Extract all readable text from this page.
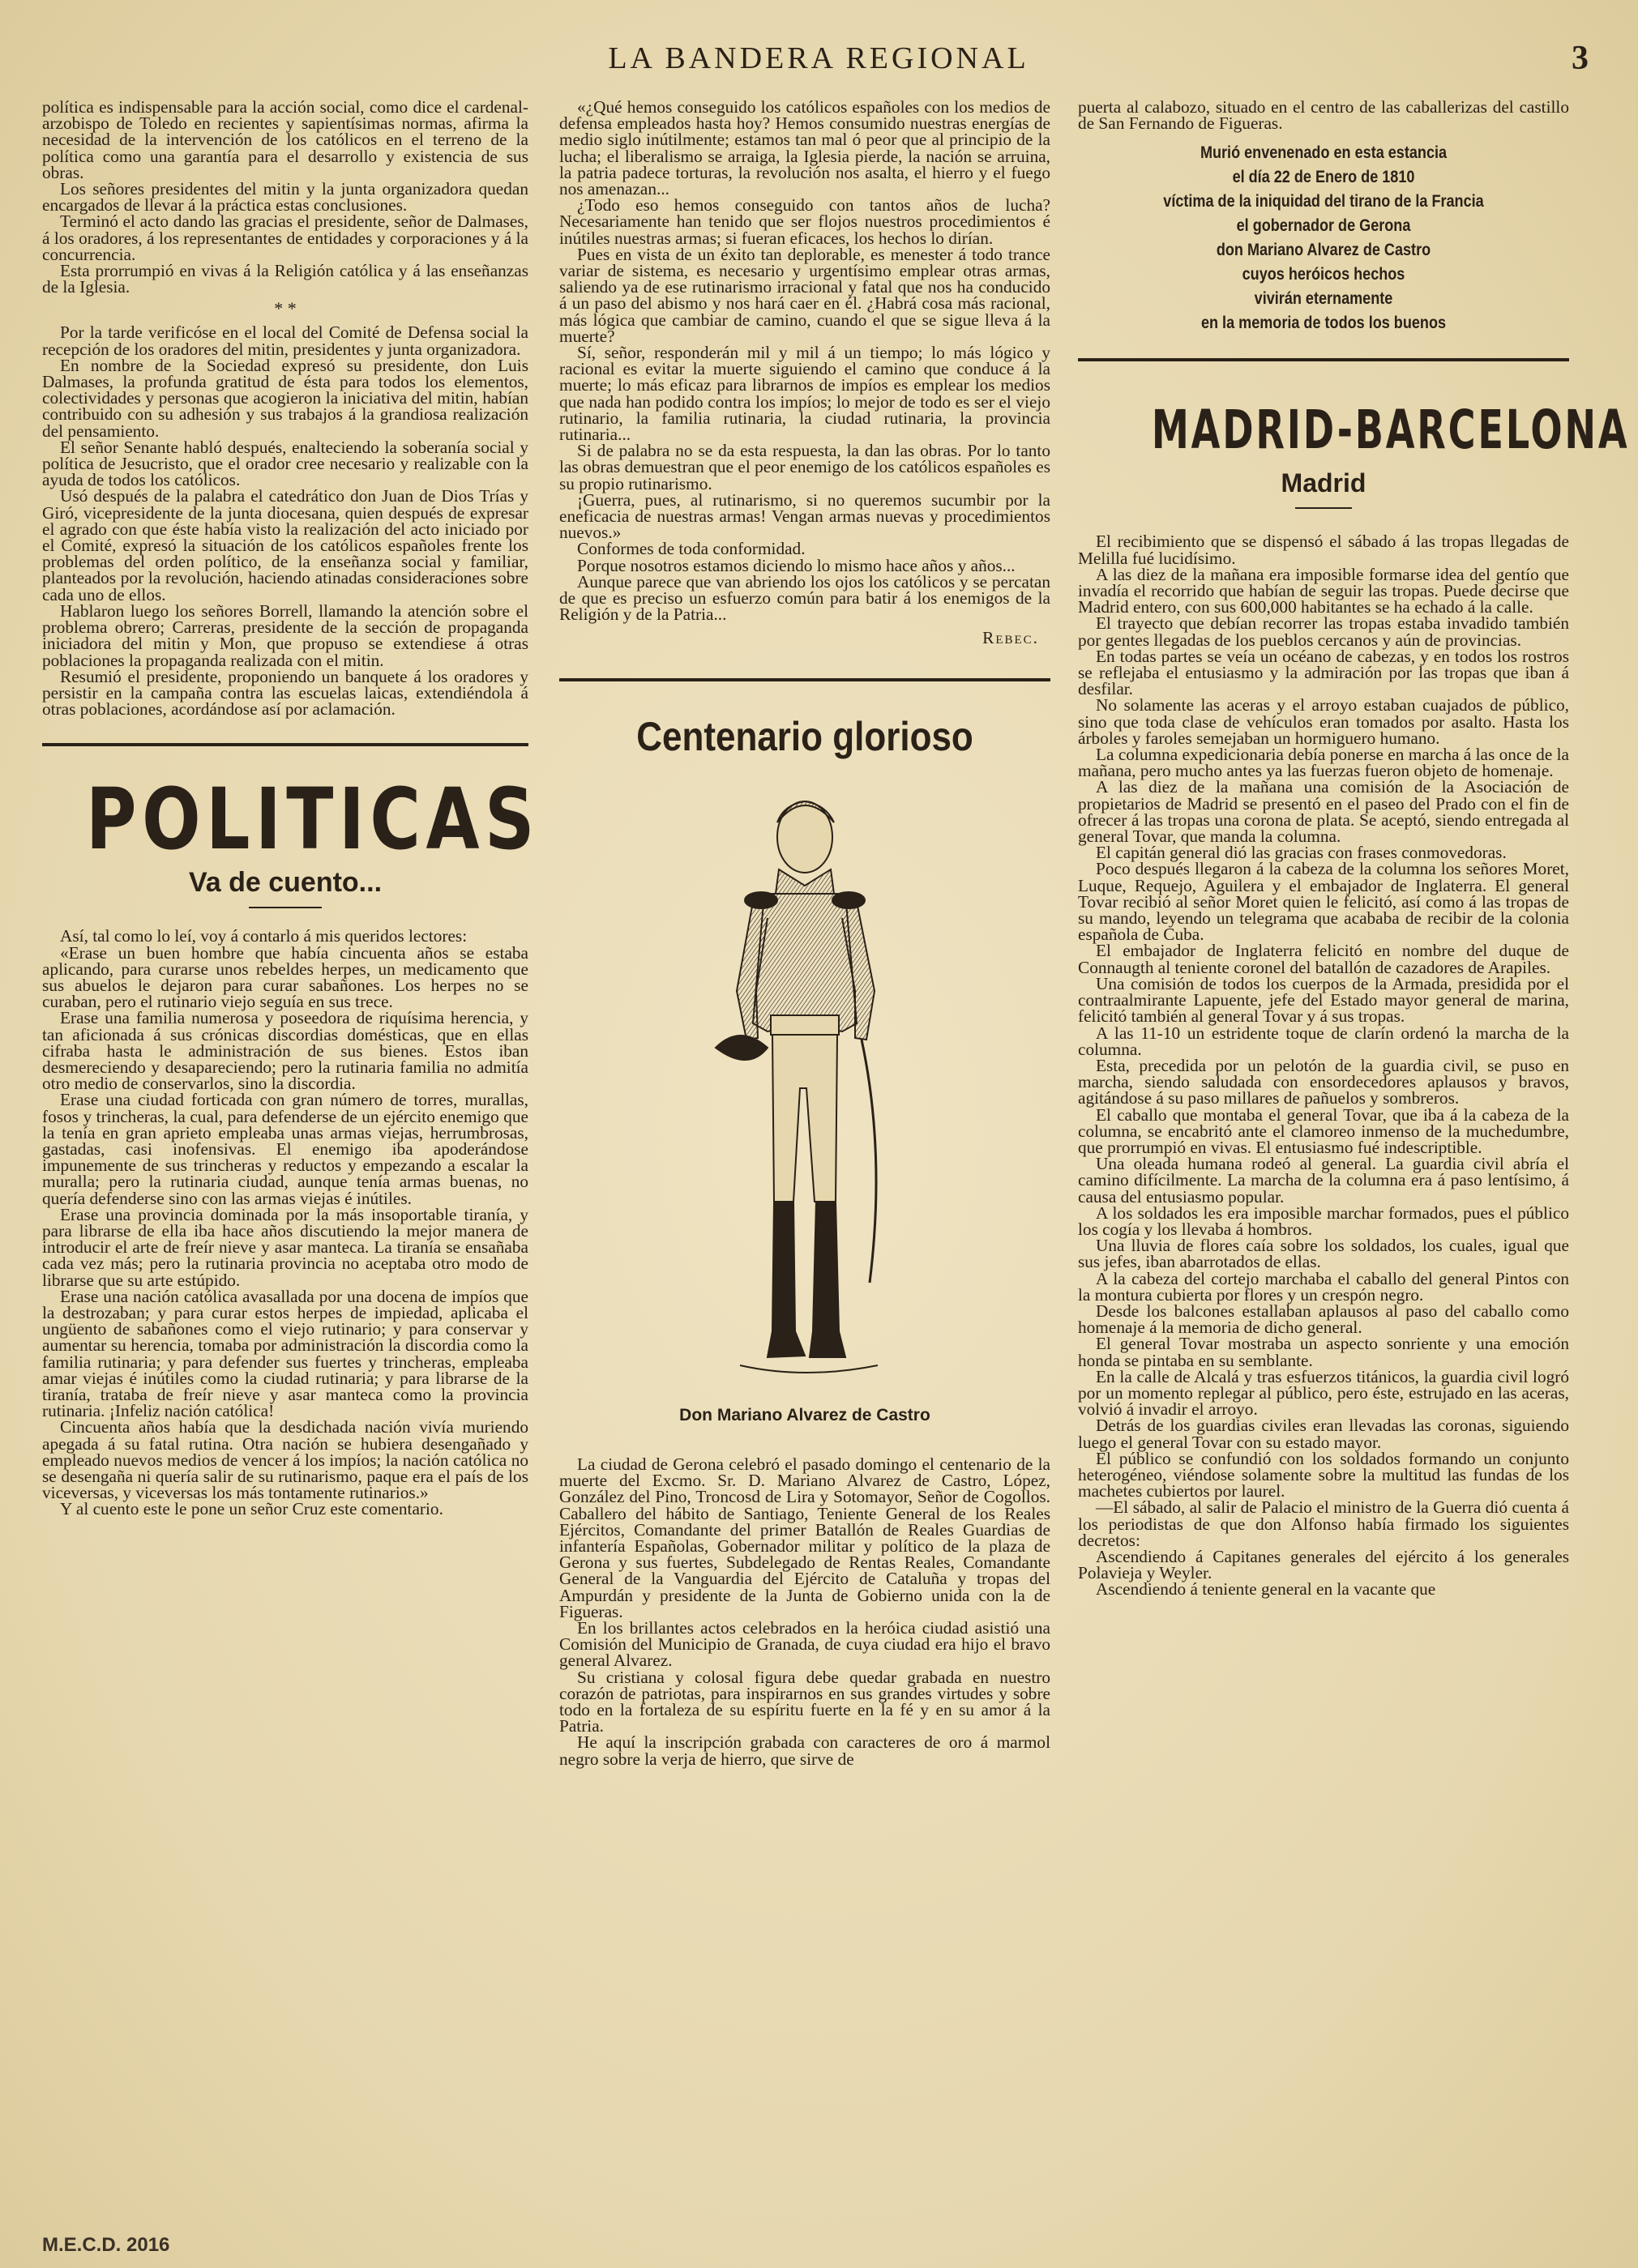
LA BANDERA REGIONAL	3

política es indispensable para la acción social, como dice el cardenal-arzobispo de Toledo en recientes y sapientísimas normas, afirma la necesidad de la intervención de los católicos en el terreno de la política como una garantía para el desarrollo y existencia de sus obras.

Los señores presidentes del mitin y la junta organizadora quedan encargados de llevar á la práctica estas conclusiones.

Terminó el acto dando las gracias el presidente, señor de Dalmases, á los oradores, á los representantes de entidades y corporaciones y á la concurrencia.

Esta prorrumpió en vivas á la Religión católica y á las enseñanzas de la Iglesia.

* *

Por la tarde verificóse en el local del Comité de Defensa social la recepción de los oradores del mitin, presidentes y junta organizadora.

En nombre de la Sociedad expresó su presidente, don Luis Dalmases, la profunda gratitud de ésta para todos los elementos, colectividades y personas que acogieron la iniciativa del mitin, habían contribuido con su adhesión y sus trabajos á la grandiosa realización del pensamiento.

El señor Senante habló después, enalteciendo la soberanía social y política de Jesucristo, que el orador cree necesario y realizable con la ayuda de todos los católicos.

Usó después de la palabra el catedrático don Juan de Dios Trías y Giró, vicepresidente de la junta diocesana, quien después de expresar el agrado con que éste había visto la realización del acto iniciado por el Comité, expresó la situación de los católicos españoles frente los problemas del orden político, de la enseñanza social y familiar, planteados por la revolución, haciendo atinadas consideraciones sobre cada uno de ellos.

Hablaron luego los señores Borrell, llamando la atención sobre el problema obrero; Carreras, presidente de la sección de propaganda iniciadora del mitin y Mon, que propuso se extendiese á otras poblaciones la propaganda realizada con el mitin.

Resumió el presidente, proponiendo un banquete á los oradores y persistir en la campaña contra las escuelas laicas, extendiéndola á otras poblaciones, acordándose así por aclamación.

POLITICAS
Va de cuento...

Así, tal como lo leí, voy á contarlo á mis queridos lectores:

«Erase un buen hombre que había cincuenta años se estaba aplicando, para curarse unos rebeldes herpes, un medicamento que sus abuelos le dejaron para curar sabañones. Los herpes no se curaban, pero el rutinario viejo seguía en sus trece.

Erase una familia numerosa y poseedora de riquísima herencia, y tan aficionada á sus crónicas discordias domésticas, que en ellas cifraba hasta le administración de sus bienes. Estos iban desmereciendo y desapareciendo; pero la rutinaria familia no admitía otro medio de conservarlos, sino la discordia.

Erase una ciudad forticada con gran número de torres, murallas, fosos y trincheras, la cual, para defenderse de un ejército enemigo que la tenía en gran aprieto empleaba unas armas viejas, herrumbrosas, gastadas, casi inofensivas. El enemigo iba apoderándose impunemente de sus trincheras y reductos y empezando a escalar la muralla; pero la rutinaria ciudad, aunque tenía armas buenas, no quería defenderse sino con las armas viejas é inútiles.

Erase una provincia dominada por la más insoportable tiranía, y para librarse de ella iba hace años discutiendo la mejor manera de introducir el arte de freír nieve y asar manteca. La tiranía se ensañaba cada vez más; pero la rutinaria provincia no aceptaba otro modo de librarse que su arte estúpido.

Erase una nación católica avasallada por una docena de impíos que la destrozaban; y para curar estos herpes de impiedad, aplicaba el ungüento de sabañones como el viejo rutinario; y para conservar y aumentar su herencia, tomaba por administración la discordia como la familia rutinaria; y para defender sus fuertes y trincheras, empleaba amar viejas é inútiles como la ciudad rutinaria; y para librarse de la tiranía, trataba de freír nieve y asar manteca como la provincia rutinaria. ¡Infeliz nación católica!

Cincuenta años había que la desdichada nación vivía muriendo apegada á su fatal rutina. Otra nación se hubiera desengañado y empleado nuevos medios de vencer á los impíos; la nación católica no se desengaña ni quería salir de su rutinarismo, paque era el país de los viceversas, y viceversas los más tontamente rutinarios.»

Y al cuento este le pone un señor Cruz este comentario.

«¿Qué hemos conseguido los católicos españoles con los medios de defensa empleados hasta hoy? Hemos consumido nuestras energías de medio siglo inútilmente; estamos tan mal ó peor que al principio de la lucha; el liberalismo se arraiga, la Iglesia pierde, la nación se arruina, la patria padece torturas, la revolución nos asalta, el hierro y el fuego nos amenazan...

¿Todo eso hemos conseguido con tantos años de lucha? Necesariamente han tenido que ser flojos nuestros procedimientos é inútiles nuestras armas; si fueran eficaces, los hechos lo dirían.

Pues en vista de un éxito tan deplorable, es menester á todo trance variar de sistema, es necesario y urgentísimo emplear otras armas, saliendo ya de ese rutinarismo irracional y fatal que nos ha conducido á un paso del abismo y nos hará caer en él. ¿Habrá cosa más racional, más lógica que cambiar de camino, cuando el que se sigue lleva á la muerte?

Sí, señor, responderán mil y mil á un tiempo; lo más lógico y racional es evitar la muerte siguiendo el camino que conduce á la muerte; lo más eficaz para librarnos de impíos es emplear los medios que nada han podido contra los impíos; lo mejor de todo es ser el viejo rutinario, la familia rutinaria, la ciudad rutinaria, la provincia rutinaria...

Si de palabra no se da esta respuesta, la dan las obras. Por lo tanto las obras demuestran que el peor enemigo de los católicos españoles es su propio rutinarismo.

¡Guerra, pues, al rutinarismo, si no queremos sucumbir por la eneficacia de nuestras armas! Vengan armas nuevas y procedimientos nuevos.»

Conformes de toda conformidad.

Porque nosotros estamos diciendo lo mismo hace años y años...

Aunque parece que van abriendo los ojos los católicos y se percatan de que es preciso un esfuerzo común para batir á los enemigos de la Religión y de la Patria...

Rebec.
Centenario glorioso
Don Mariano Alvarez de Castro

La ciudad de Gerona celebró el pasado domingo el centenario de la muerte del Excmo. Sr. D. Mariano Alvarez de Castro, López, González del Pino, Troncosd de Lira y Sotomayor, Señor de Cogollos. Caballero del hábito de Santiago, Teniente General de los Reales Ejércitos, Comandante del primer Batallón de Reales Guardias de infantería Españolas, Gobernador militar y político de la plaza de Gerona y sus fuertes, Subdelegado de Rentas Reales, Comandante General de la Vanguardia del Ejército de Cataluña y tropas del Ampurdán y presidente de la Junta de Gobierno unida con la de Figueras.

En los brillantes actos celebrados en la heróica ciudad asistió una Comisión del Municipio de Granada, de cuya ciudad era hijo el bravo general Alvarez.

Su cristiana y colosal figura debe quedar grabada en nuestro corazón de patriotas, para inspirarnos en sus grandes virtudes y sobre todo en la fortaleza de su espíritu fuerte en la fé y en su amor á la Patria.

He aquí la inscripción grabada con caracteres de oro á marmol negro sobre la verja de hierro, que sirve de

puerta al calabozo, situado en el centro de las caballerizas del castillo de San Fernando de Figueras.

Murió envenenado en esta estancia
el día 22 de Enero de 1810
víctima de la iniquidad del tirano de la Francia
el gobernador de Gerona
don Mariano Alvarez de Castro
cuyos heróicos hechos
vivirán eternamente
en la memoria de todos los buenos
MADRID-BARCELONA
Madrid

El recibimiento que se dispensó el sábado á las tropas llegadas de Melilla fué lucidísimo.

A las diez de la mañana era imposible formarse idea del gentío que invadía el recorrido que habían de seguir las tropas. Puede decirse que Madrid entero, con sus 600,000 habitantes se ha echado á la calle.

El trayecto que debían recorrer las tropas estaba invadido también por gentes llegadas de los pueblos cercanos y aún de provincias.

En todas partes se veía un océano de cabezas, y en todos los rostros se reflejaba el entusiasmo y la admiración por las tropas que iban á desfilar.

No solamente las aceras y el arroyo estaban cuajados de público, sino que toda clase de vehículos eran tomados por asalto. Hasta los árboles y faroles semejaban un hormiguero humano.

La columna expedicionaria debía ponerse en marcha á las once de la mañana, pero mucho antes ya las fuerzas fueron objeto de homenaje.

A las diez de la mañana una comisión de la Asociación de propietarios de Madrid se presentó en el paseo del Prado con el fin de ofrecer á las tropas una corona de plata. Se aceptó, siendo entregada al general Tovar, que manda la columna.

El capitán general dió las gracias con frases conmovedoras.

Poco después llegaron á la cabeza de la columna los señores Moret, Luque, Requejo, Aguilera y el embajador de Inglaterra. El general Tovar recibió al señor Moret quien le felicitó, así como á las tropas de su mando, leyendo un telegrama que acababa de recibir de la colonia española de Cuba.

El embajador de Inglaterra felicitó en nombre del duque de Connaugth al teniente coronel del batallón de cazadores de Arapiles.

Una comisión de todos los cuerpos de la Armada, presidida por el contraalmirante Lapuente, jefe del Estado mayor general de marina, felicitó también al general Tovar y á sus tropas.

A las 11-10 un estridente toque de clarín ordenó la marcha de la columna.

Esta, precedida por un pelotón de la guardia civil, se puso en marcha, siendo saludada con ensordecedores aplausos y bravos, agitándose á su paso millares de pañuelos y sombreros.

El caballo que montaba el general Tovar, que iba á la cabeza de la columna, se encabritó ante el clamoreo inmenso de la muchedumbre, que prorrumpió en vivas. El entusiasmo fué indescriptible.

Una oleada humana rodeó al general. La guardia civil abría el camino difícilmente. La marcha de la columna era á paso lentísimo, á causa del entusiasmo popular.

A los soldados les era imposible marchar formados, pues el público los cogía y los llevaba á hombros.

Una lluvia de flores caía sobre los soldados, los cuales, igual que sus jefes, iban abarrotados de ellas.

A la cabeza del cortejo marchaba el caballo del general Pintos con la montura cubierta por flores y un crespón negro.

Desde los balcones estallaban aplausos al paso del caballo como homenaje á la memoria de dicho general.

El general Tovar mostraba un aspecto sonriente y una emoción honda se pintaba en su semblante.

En la calle de Alcalá y tras esfuerzos titánicos, la guardia civil logró por un momento replegar al público, pero éste, estrujado en las aceras, volvió á invadir el arroyo.

Detrás de los guardias civiles eran llevadas las coronas, siguiendo luego el general Tovar con su estado mayor.

El público se confundió con los soldados formando un conjunto heterogéneo, viéndose solamente sobre la multitud las fundas de los machetes cubiertos por laurel.

—El sábado, al salir de Palacio el ministro de la Guerra dió cuenta á los periodistas de que don Alfonso había firmado los siguientes decretos:

Ascendiendo á Capitanes generales del ejército á los generales Polavieja y Weyler.

Ascendiendo á teniente general en la vacante que

M.E.C.D. 2016
